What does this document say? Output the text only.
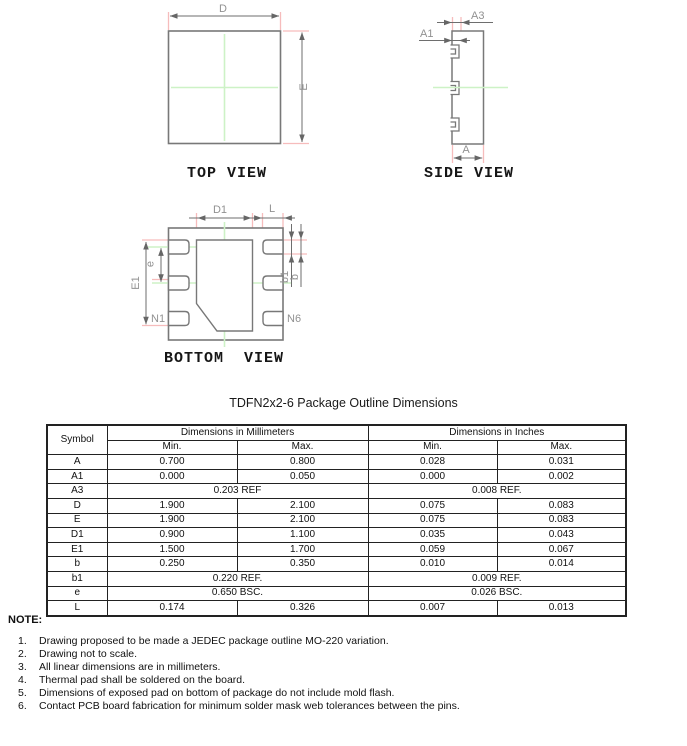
D
E
TOP VIEW
A3
A1
A
SIDE VIEW
D1	L
E1
e
b1
b
N1	N6
BOTTOM VIEW
TDFN2x2-6 Package Outline Dimensions
Symbol	Dimensions in Millimeters		Dimensions in Inches	
	Min.	Max.	Min.	Max.
A	0.700	0.800	0.028	0.031
A1	0.000	0.050	0.000	0.002
A3	0.203 REF		0.008 REF.	
D	1.900	2.100	0.075	0.083
E	1.900	2.100	0.075	0.083
D1	0.900	1.100	0.035	0.043
E1	1.500	1.700	0.059	0.067
b	0.250	0.350	0.010	0.014
b1	0.220 REF.		0.009 REF.	
e	0.650 BSC.		0.026 BSC.	
L	0.174	0.326	0.007	0.013
NOTE:
1.	Drawing proposed to be made a JEDEC package outline MO-220 variation.
2.	Drawing not to scale.
3.	All linear dimensions are in millimeters.
4.	Thermal pad shall be soldered on the board.
5.	Dimensions of exposed pad on bottom of package do not include mold flash.
6.	Contact PCB board fabrication for minimum solder mask web tolerances between the pins.
